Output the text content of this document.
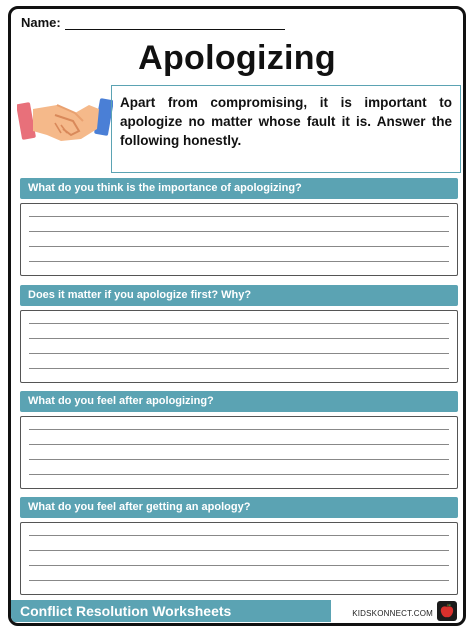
Name:
Apologizing
Apart from compromising, it is important to apologize no matter whose fault it is. Answer the following honestly.
What do you think is the importance of apologizing?
Does it matter if you apologize first? Why?
What do you feel after apologizing?
What do you feel after getting an apology?
Conflict Resolution Worksheets	KIDSKONNECT.COM
